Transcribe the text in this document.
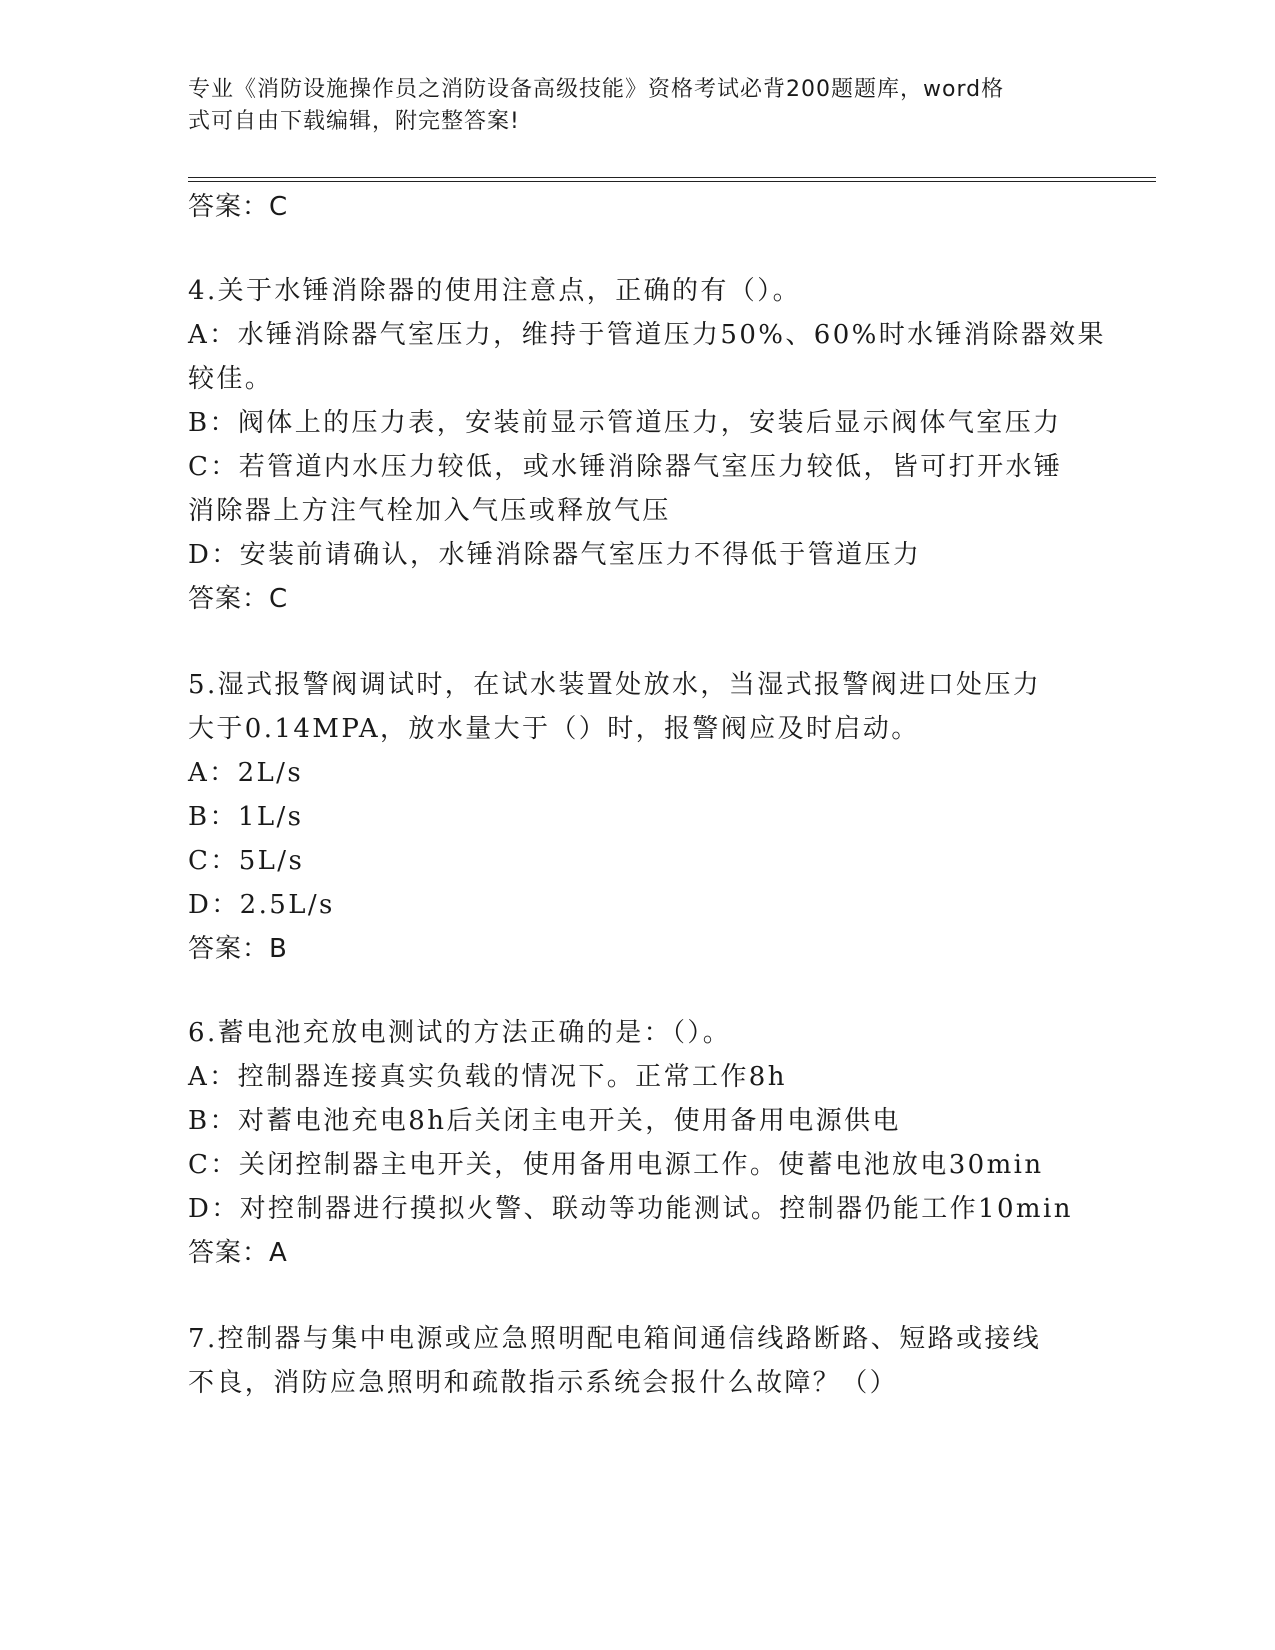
专业《消防设施操作员之消防设备高级技能》资格考试必背200题题库，word格
式可自由下载编辑，附完整答案!
答案：C
4.关于水锤消除器的使用注意点，正确的有（）。
A：水锤消除器气室压力，维持于管道压力50%、60%时水锤消除器效果
较佳。
B：阀体上的压力表，安装前显示管道压力，安装后显示阀体气室压力
C：若管道内水压力较低，或水锤消除器气室压力较低，皆可打开水锤
消除器上方注气栓加入气压或释放气压
D：安装前请确认，水锤消除器气室压力不得低于管道压力
答案：C
5.湿式报警阀调试时，在试水装置处放水，当湿式报警阀进口处压力
大于0.14MPA，放水量大于（）时，报警阀应及时启动。
A：2L/s
B：1L/s
C：5L/s
D：2.5L/s
答案：B
6.蓄电池充放电测试的方法正确的是：（）。
A：控制器连接真实负载的情况下。正常工作8h
B：对蓄电池充电8h后关闭主电开关，使用备用电源供电
C：关闭控制器主电开关，使用备用电源工作。使蓄电池放电30min
D：对控制器进行摸拟火警、联动等功能测试。控制器仍能工作10min
答案：A
7.控制器与集中电源或应急照明配电箱间通信线路断路、短路或接线
不良，消防应急照明和疏散指示系统会报什么故障？（）
